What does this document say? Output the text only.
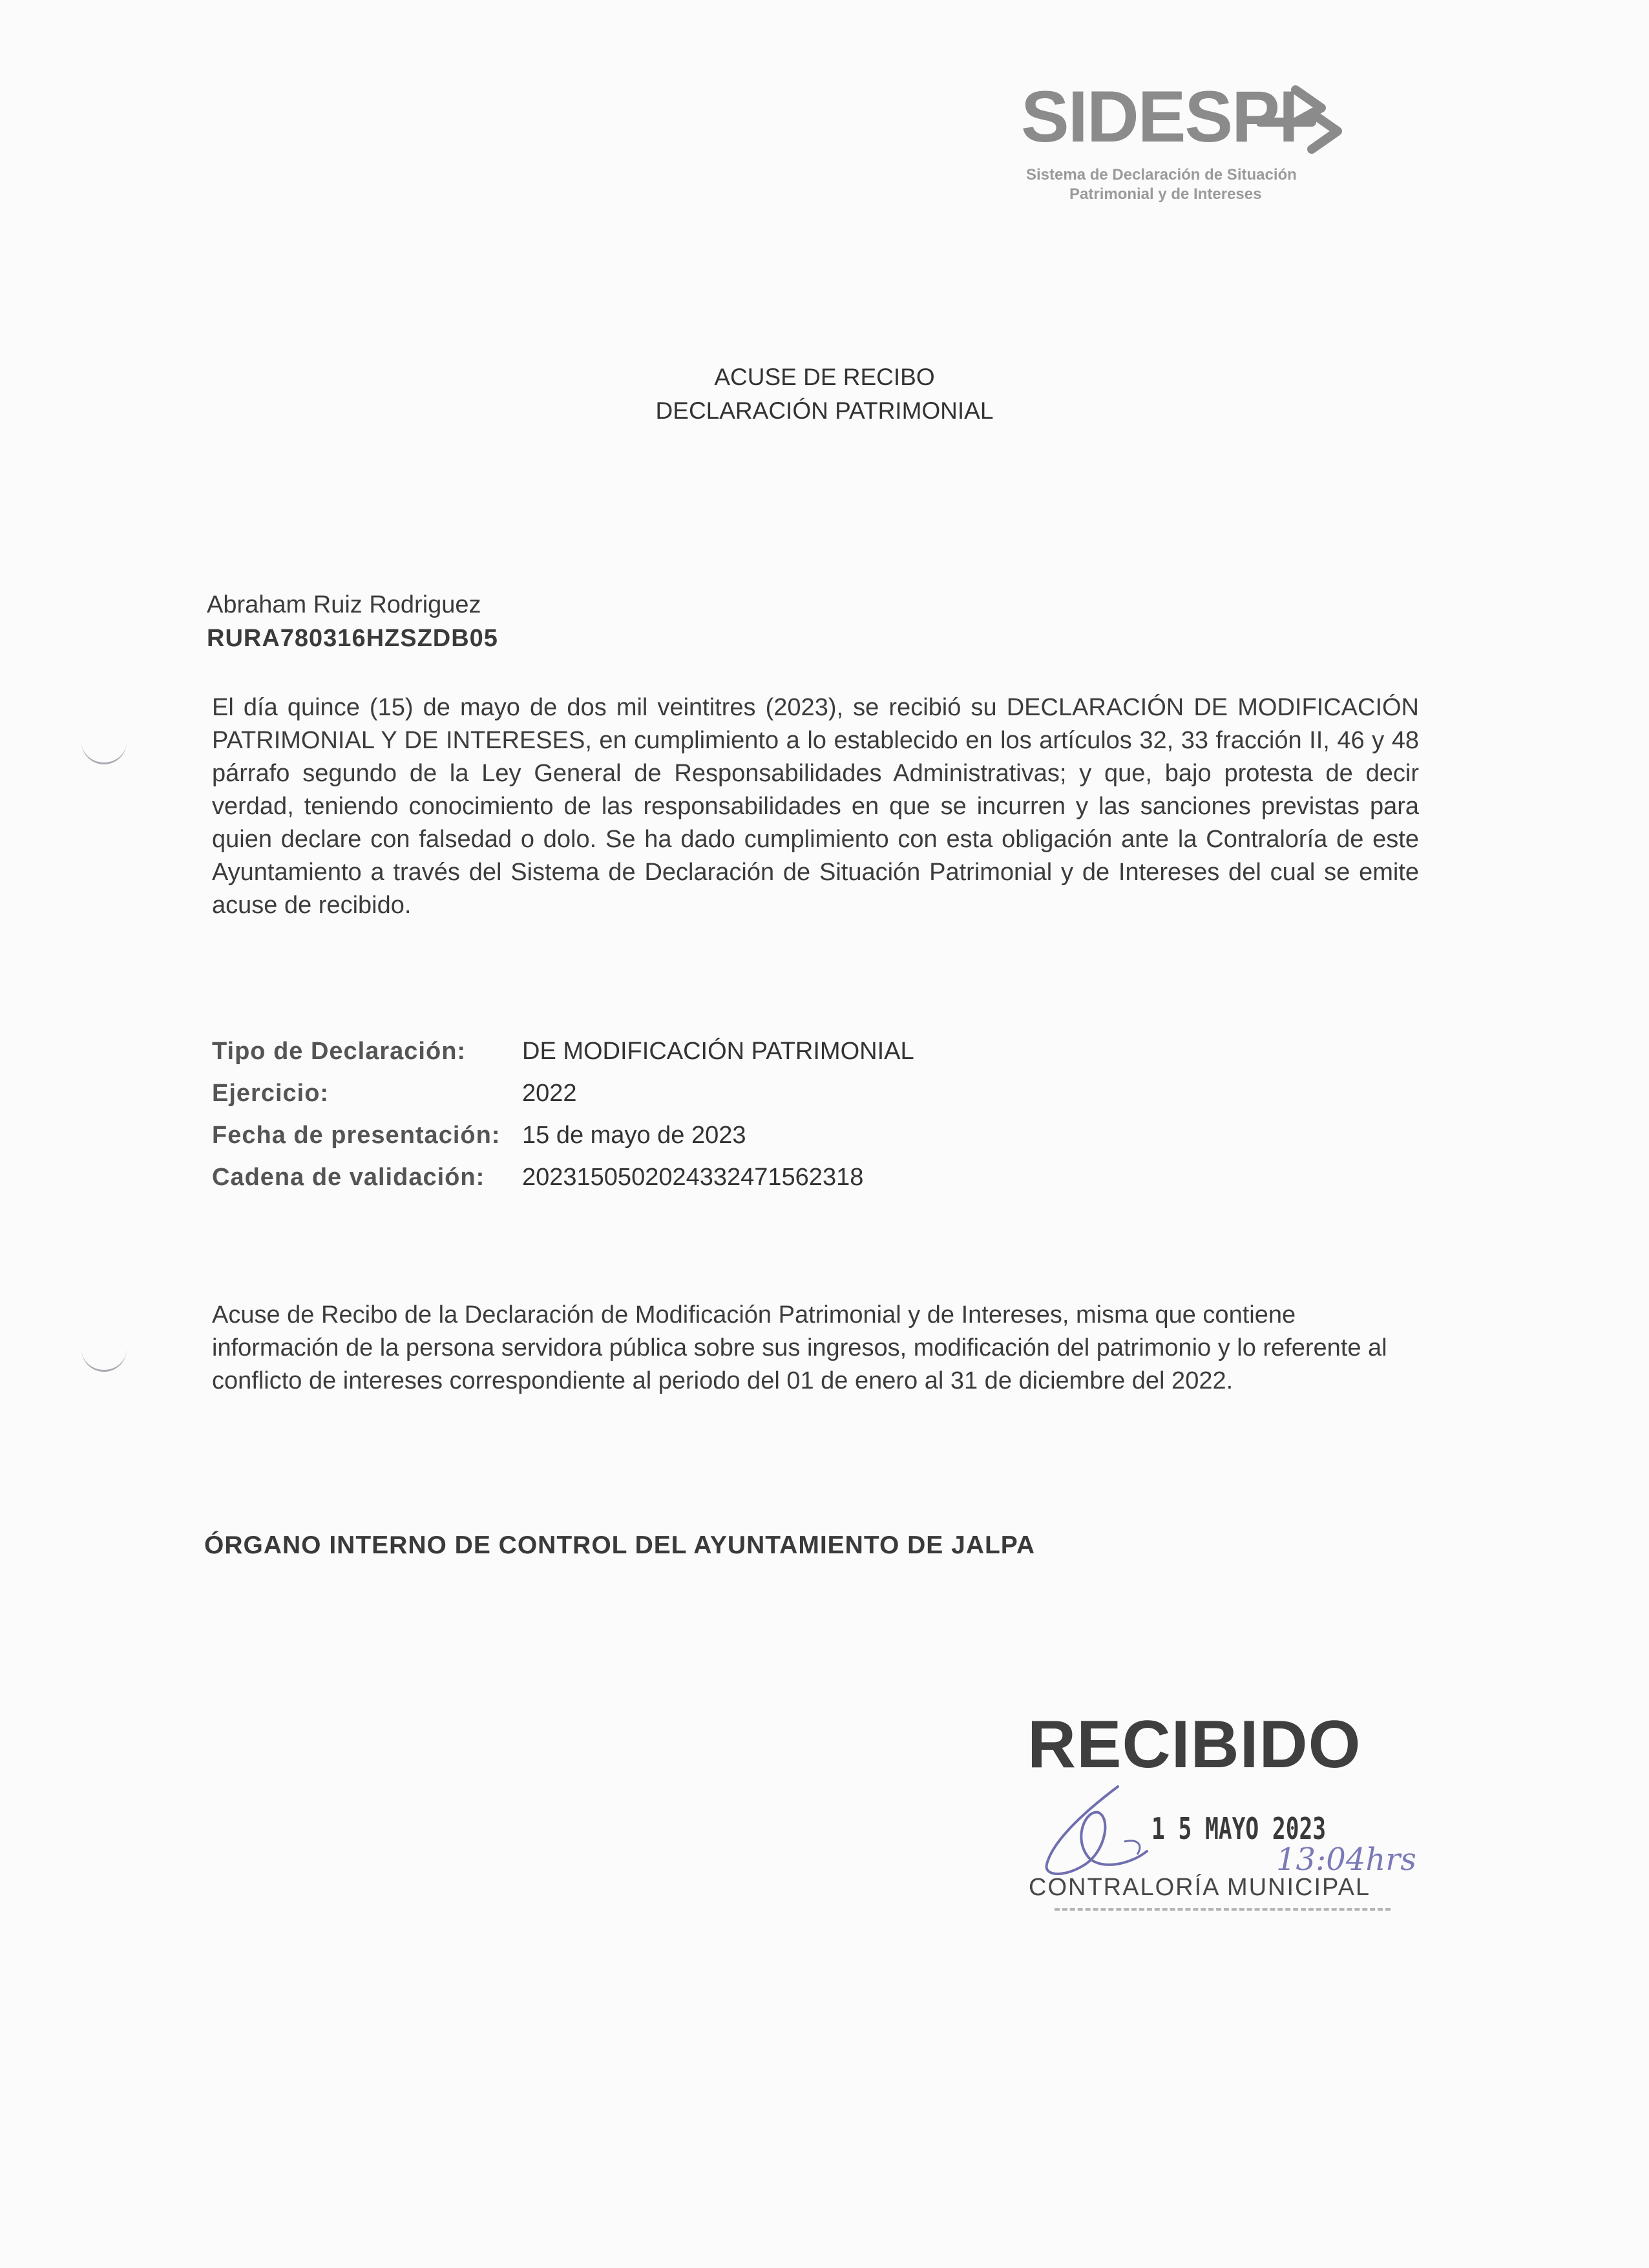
SIDESPI
Sistema de Declaración de Situación
Patrimonial y de Intereses
ACUSE DE RECIBO
DECLARACIÓN PATRIMONIAL
Abraham Ruiz Rodriguez
RURA780316HZSZDB05
El día quince (15) de mayo de dos mil veintitres (2023), se recibió su DECLARACIÓN DE MODIFICACIÓN PATRIMONIAL Y DE INTERESES, en cumplimiento a lo establecido en los artículos 32, 33 fracción II, 46 y 48 párrafo segundo de la Ley General de Responsabilidades Administrativas; y que, bajo protesta de decir verdad, teniendo conocimiento de las responsabilidades en que se incurren y las sanciones previstas para quien declare con falsedad o dolo. Se ha dado cumplimiento con esta obligación ante la Contraloría de este Ayuntamiento a través del Sistema de Declaración de Situación Patrimonial y de Intereses del cual se emite acuse de recibido.
Tipo de Declaración:	DE MODIFICACIÓN PATRIMONIAL
Ejercicio:	2022
Fecha de presentación: 15 de mayo de 2023
Cadena de validación:	20231505020243324715623​18
Acuse de Recibo de la Declaración de Modificación Patrimonial y de Intereses, misma que contiene información de la persona servidora pública sobre sus ingresos, modificación del patrimonio y lo referente al conflicto de intereses correspondiente al periodo del 01 de enero al 31 de diciembre del 2022.
ÓRGANO INTERNO DE CONTROL DEL AYUNTAMIENTO DE JALPA
RECIBIDO
1 5 MAYO 2023
13:04hrs
CONTRALORÍA MUNICIPAL
